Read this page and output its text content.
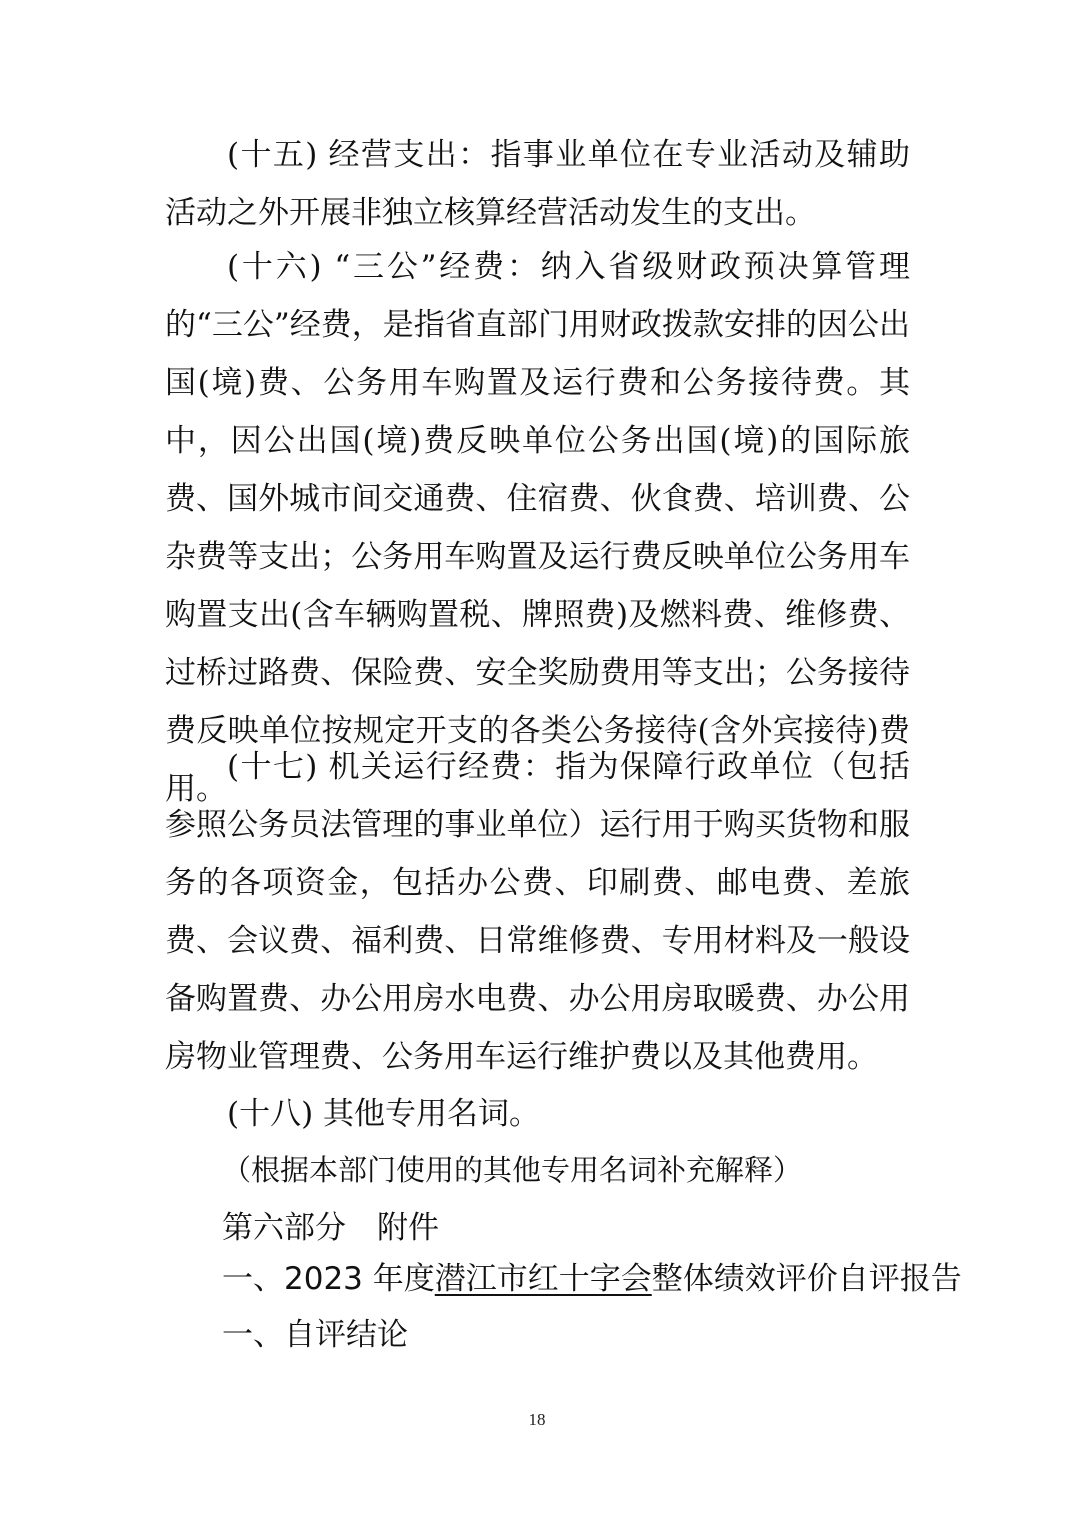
(十五) 经营支出：指事业单位在专业活动及辅助活动之外开展非独立核算经营活动发生的支出。

(十六) “三公”经费：纳入省级财政预决算管理的“三公”经费，是指省直部门用财政拨款安排的因公出国(境)费、公务用车购置及运行费和公务接待费。其中，因公出国(境)费反映单位公务出国(境)的国际旅费、国外城市间交通费、住宿费、伙食费、培训费、公杂费等支出；公务用车购置及运行费反映单位公务用车购置支出(含车辆购置税、牌照费)及燃料费、维修费、过桥过路费、保险费、安全奖励费用等支出；公务接待费反映单位按规定开支的各类公务接待(含外宾接待)费用。

(十七) 机关运行经费：指为保障行政单位（包括参照公务员法管理的事业单位）运行用于购买货物和服务的各项资金，包括办公费、印刷费、邮电费、差旅费、会议费、福利费、日常维修费、专用材料及一般设备购置费、办公用房水电费、办公用房取暖费、办公用房物业管理费、公务用车运行维护费以及其他费用。

(十八) 其他专用名词。

（根据本部门使用的其他专用名词补充解释）
第六部分　附件
一、2023 年度潜江市红十字会整体绩效评价自评报告
一、自评结论
18
